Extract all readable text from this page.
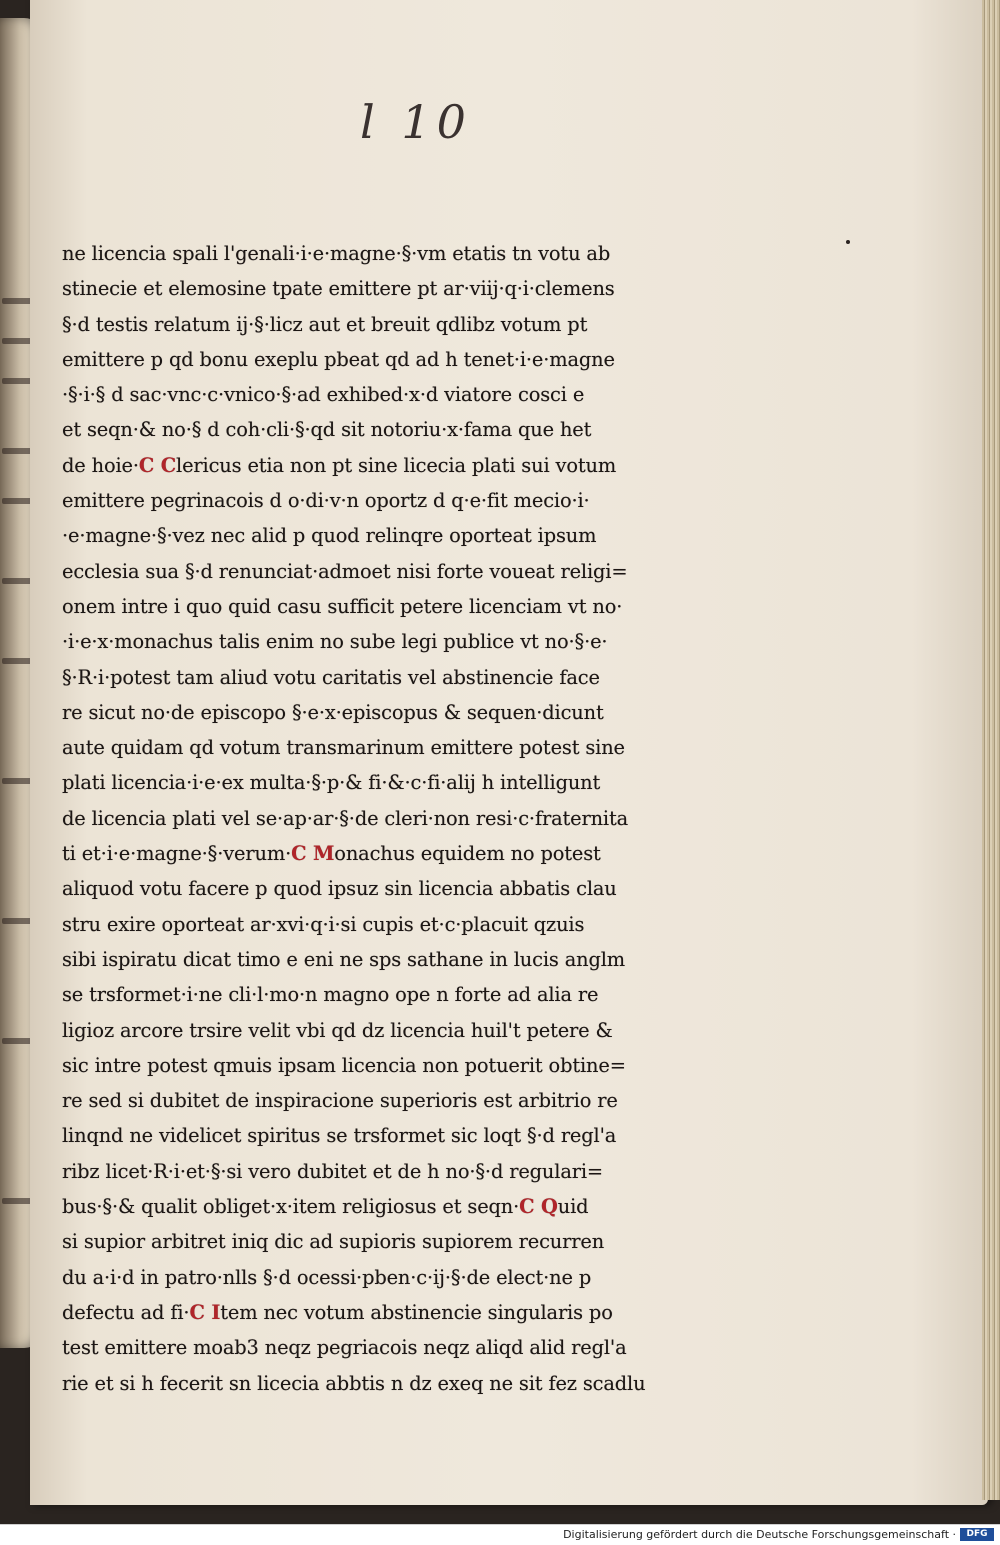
l 10
ne licencia spali l'genali·i·e·magne·§·vm etatis tn votu ab
stinecie et elemosine tpate emittere pt ar·viij·q·i·clemens
§·d testis relatum ij·§·licz aut et breuit qdlibz votum pt
emittere p qd bonu exeplu pbeat qd ad h tenet·i·e·magne
·§·i·§ d sac·vnc·c·vnico·§·ad exhibed·x·d viatore cosci e
et seqn·& no·§ d coh·cli·§·qd sit notoriu·x·fama que het
de hoie·C Clericus etia non pt sine licecia plati sui votum
emittere pegrinacois d o·di·v·n oportz d q·e·fit mecio·i·
·e·magne·§·vez nec alid p quod relinqre oporteat ipsum
ecclesia sua §·d renunciat·admoet nisi forte voueat religi=
onem intre i quo quid casu sufficit petere licenciam vt no·
·i·e·x·monachus talis enim no sube legi publice vt no·§·e·
§·R·i·potest tam aliud votu caritatis vel abstinencie face
re sicut no·de episcopo §·e·x·episcopus & sequen·dicunt
aute quidam qd votum transmarinum emittere potest sine
plati licencia·i·e·ex multa·§·p·& fi·&·c·fi·alij h intelligunt
de licencia plati vel se·ap·ar·§·de cleri·non resi·c·fraternita
ti et·i·e·magne·§·verum·C Monachus equidem no potest
aliquod votu facere p quod ipsuz sin licencia abbatis clau
stru exire oporteat ar·xvi·q·i·si cupis et·c·placuit qzuis
sibi ispiratu dicat timo e eni ne sps sathane in lucis anglm
se trsformet·i·ne cli·l·mo·n magno ope n forte ad alia re
ligioz arcore trsire velit vbi qd dz licencia huil't petere &
sic intre potest qmuis ipsam licencia non potuerit obtine=
re sed si dubitet de inspiracione superioris est arbitrio re
linqnd ne videlicet spiritus se trsformet sic loqt §·d regl'a
ribz licet·R·i·et·§·si vero dubitet et de h no·§·d regulari=
bus·§·& qualit obliget·x·item religiosus et seqn·C Quid
si supior arbitret iniq dic ad supioris supiorem recurren
du a·i·d in patro·nlls §·d ocessi·pben·c·ij·§·de elect·ne p
defectu ad fi·C Item nec votum abstinencie singularis po
test emittere moab3 neqz pegriacois neqz aliqd alid regl'a
rie et si h fecerit sn licecia abbtis n dz exeq ne sit fez scadlu
Digitalisierung gefördert durch die Deutsche Forschungsgemeinschaft ·	DFG
